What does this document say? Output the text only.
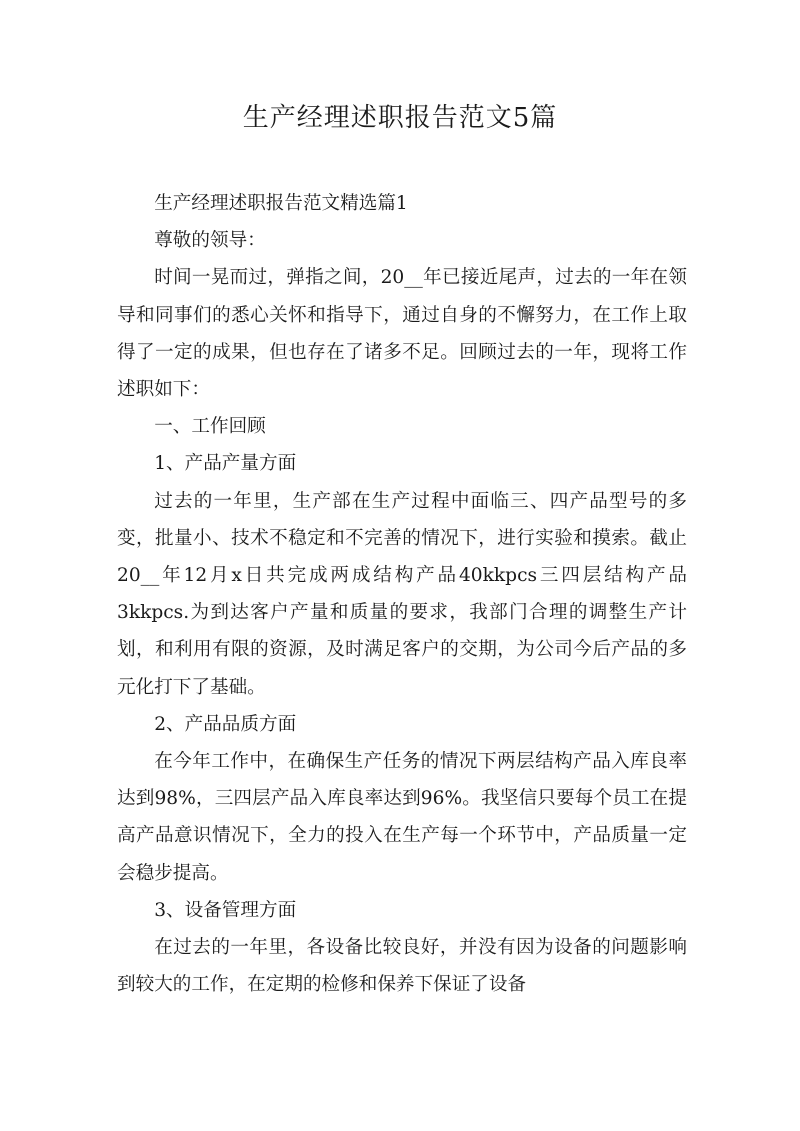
生产经理述职报告范文5篇

生产经理述职报告范文精选篇1

尊敬的领导：

时间一晃而过，弹指之间，20__年已接近尾声，过去的一年在领导和同事们的悉心关怀和指导下，通过自身的不懈努力，在工作上取得了一定的成果，但也存在了诸多不足。回顾过去的一年，现将工作述职如下：

一、工作回顾

1、产品产量方面

过去的一年里，生产部在生产过程中面临三、四产品型号的多变，批量小、技术不稳定和不完善的情况下，进行实验和摸索。截止20__年12月x日共完成两成结构产品40kkpcs三四层结构产品3kkpcs.为到达客户产量和质量的要求，我部门合理的调整生产计划，和利用有限的资源，及时满足客户的交期，为公司今后产品的多元化打下了基础。

2、产品品质方面

在今年工作中，在确保生产任务的情况下两层结构产品入库良率达到98%，三四层产品入库良率达到96%。我坚信只要每个员工在提高产品意识情况下，全力的投入在生产每一个环节中，产品质量一定会稳步提高。

3、设备管理方面

在过去的一年里，各设备比较良好，并没有因为设备的问题影响到较大的工作，在定期的检修和保养下保证了设备
